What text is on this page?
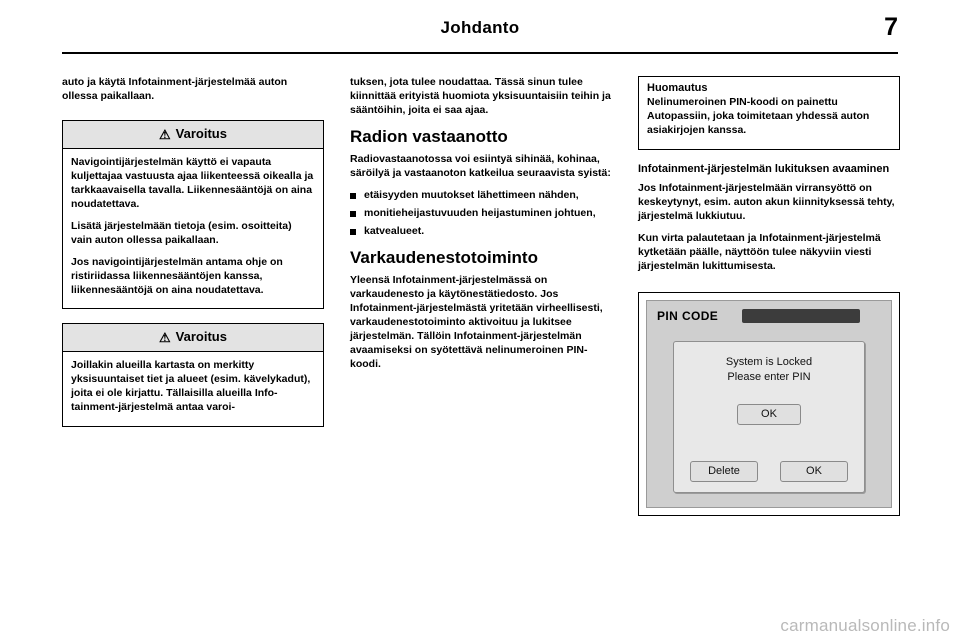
Johdanto	7

auto ja käytä Infotainment-järjestelmää auton ollessa paikallaan.

⚠ Varoitus

Navigointijärjestelmän käyttö ei vapauta kuljettajaa vastuusta ajaa liikenteessä oikealla ja tarkkaavaisella tavalla. Liikennesääntöjä on aina noudatettava.

Lisätä järjestelmään tietoja (esim. osoitteita) vain auton ollessa paikallaan.

Jos navigointijärjestelmän antama ohje on ristiriidassa liikennesääntöjen kanssa, liikennesääntöjä on aina noudatettava.

⚠ Varoitus

Joillakin alueilla kartasta on merkitty yksisuuntaiset tiet ja alueet (esim. kävelykadut), joita ei ole kirjattu. Tällaisilla alueilla Info-tainment-järjestelmä antaa varoi-

tuksen, jota tulee noudattaa. Tässä sinun tulee kiinnittää erityistä huomiota yksisuuntaisiin teihin ja sääntöihin, joita ei saa ajaa.

Radion vastaanotto

Radiovastaanotossa voi esiintyä sihinää, kohinaa, säröilyä ja vastaanoton katkeilua seuraavista syistä:

etäisyyden muutokset lähettimeen nähden,
monitieheijastuvuuden heijastuminen johtuen,
katvealueet.
Varkaudenestotoiminto

Yleensä Infotainment-järjestelmässä on varkaudenesto ja käytönestätiedosto. Jos Infotainment-järjestelmästä yritetään virheellisesti, varkaudenestotoiminto aktivoituu ja lukitsee järjestelmän. Tällöin Infotainment-järjestelmän avaamiseksi on syötettävä nelinumeroinen PIN-koodi.

Huomautus

Nelinumeroinen PIN-koodi on painettu Autopassiin, joka toimitetaan yhdessä auton asiakirjojen kanssa.

Infotainment-järjestelmän lukituksen avaaminen

Jos Infotainment-järjestelmään virransyöttö on keskeytynyt, esim. auton akun kiinnityksessä tehty, järjestelmä lukkiutuu.

Kun virta palautetaan ja Infotainment-järjestelmä kytketään päälle, näyttöön tulee näkyviin viesti järjestelmän lukittumisesta.

PIN CODE
System is Locked
Please enter PIN
OK
Delete	OK
carmanualsonline.info
